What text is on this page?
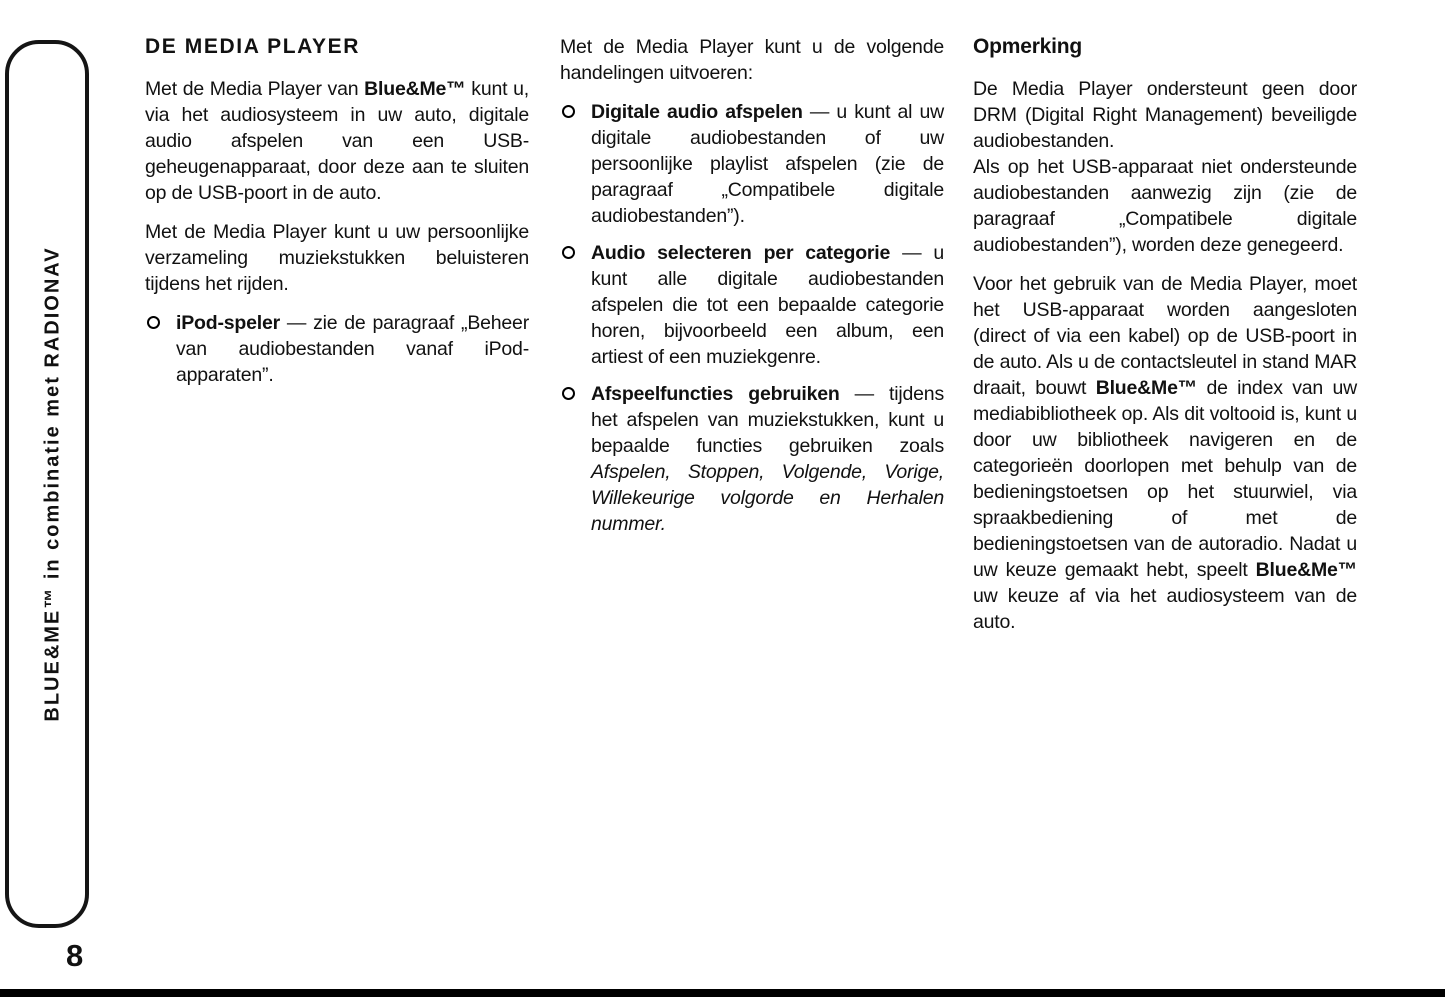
BLUE&ME™ in combinatie met RADIONAV
8
DE MEDIA PLAYER

Met de Media Player van Blue&Me™ kunt u, via het audiosysteem in uw auto, digitale audio afspelen van een USB-geheugenapparaat, door deze aan te sluiten op de USB-poort in de auto.

Met de Media Player kunt u uw persoonlijke verzameling muziekstukken beluisteren tijdens het rijden.

iPod-speler — zie de paragraaf „Beheer van audiobestanden vanaf iPod-apparaten”.

Met de Media Player kunt u de volgende handelingen uitvoeren:

Digitale audio afspelen — u kunt al uw digitale audiobestanden of uw persoonlijke playlist afspelen (zie de paragraaf „Compatibele digitale audiobestanden”).
Audio selecteren per categorie — u kunt alle digitale audiobestanden afspelen die tot een bepaalde categorie horen, bijvoorbeeld een album, een artiest of een muziekgenre.
Afspeelfuncties gebruiken — tijdens het afspelen van muziekstukken, kunt u bepaalde functies gebruiken zoals Afspelen, Stoppen, Volgende, Vorige, Willekeurige volgorde en Herhalen nummer.
Opmerking
De Media Player ondersteunt geen door DRM (Digital Right Management) beveiligde audiobestanden.
Als op het USB-apparaat niet ondersteunde audiobestanden aanwezig zijn (zie de paragraaf „Compatibele digitale audiobestanden”), worden deze genegeerd.

Voor het gebruik van de Media Player, moet het USB-apparaat worden aangesloten (direct of via een kabel) op de USB-poort in de auto. Als u de contactsleutel in stand MAR draait, bouwt Blue&Me™ de index van uw mediabibliotheek op. Als dit voltooid is, kunt u door uw bibliotheek navigeren en de categorieën doorlopen met behulp van de bedieningstoetsen op het stuurwiel, via spraakbediening of met de bedieningstoetsen van de autoradio. Nadat u uw keuze gemaakt hebt, speelt Blue&Me™ uw keuze af via het audiosysteem van de auto.
